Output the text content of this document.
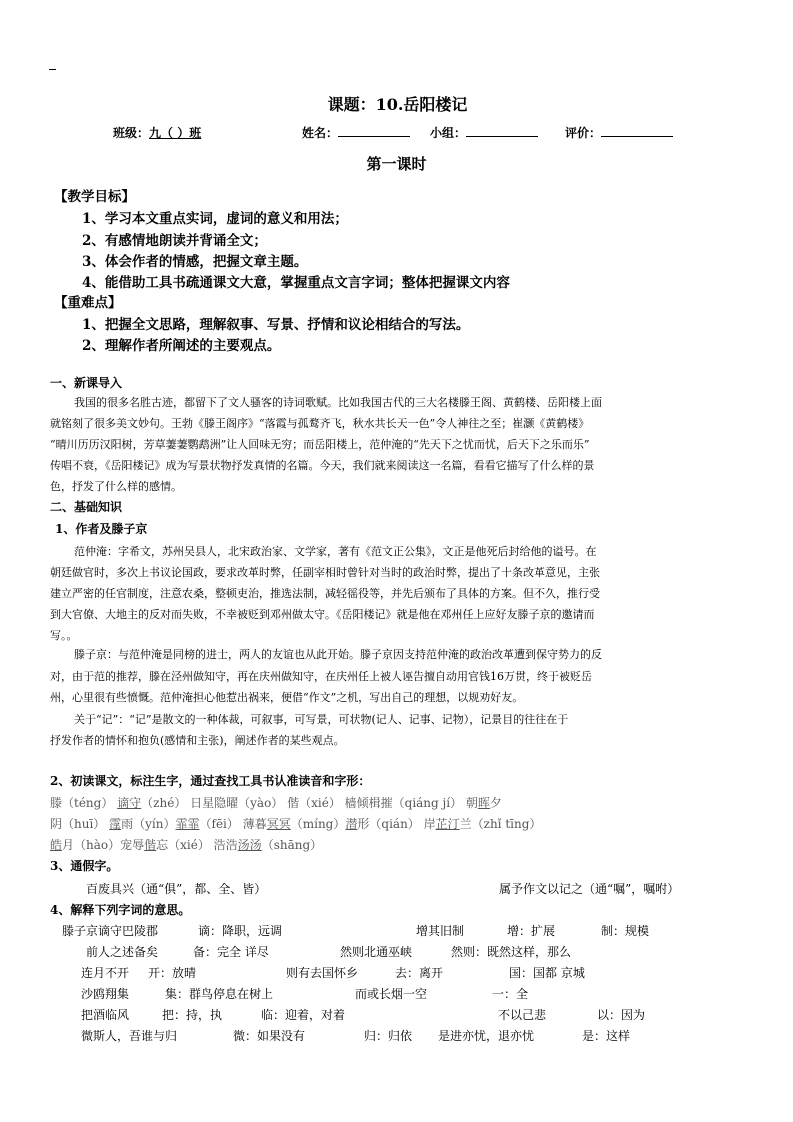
课题：10.岳阳楼记
班级：九（ ）班	姓名：	小组：	评价：
第一课时
【教学目标】
1、学习本文重点实词，虚词的意义和用法；
2、有感情地朗读并背诵全文；
3、体会作者的情感，把握文章主题。
4、能借助工具书疏通课文大意，掌握重点文言字词；整体把握课文内容
【重难点】
1、把握全文思路，理解叙事、写景、抒情和议论相结合的写法。
2、理解作者所阐述的主要观点。
一、新课导入
我国的很多名胜古迹，都留下了文人骚客的诗词歌赋。比如我国古代的三大名楼滕王阁、黄鹤楼、岳阳楼上面
就铭刻了很多美文妙句。王勃《滕王阁序》“落霞与孤鹜齐飞，秋水共长天一色”令人神往之至；崔灏《黄鹤楼》
“晴川历历汉阳树，芳草萋萋鹦鹉洲”让人回味无穷；而岳阳楼上，范仲淹的“先天下之忧而忧，后天下之乐而乐”
传唱不衰，《岳阳楼记》成为写景状物抒发真情的名篇。今天，我们就来阅读这一名篇，看看它描写了什么样的景
色，抒发了什么样的感情。
二、基础知识
1、作者及滕子京
范仲淹：字希文，苏州吴县人，北宋政治家、文学家，著有《范文正公集》，文正是他死后封给他的谥号。在
朝廷做官时，多次上书议论国政，要求改革时弊，任副宰相时曾针对当时的政治时弊，提出了十条改革意见，主张
建立严密的任官制度，注意农桑，整顿吏治，推选法制，减轻徭役等，并先后颁布了具体的方案。但不久，推行受
到大官僚、大地主的反对而失败，不幸被贬到邓州做太守。《岳阳楼记》就是他在邓州任上应好友滕子京的邀请而
写。。
滕子京：与范仲淹是同榜的进士，两人的友谊也从此开始。滕子京因支持范仲淹的政治改革遭到保守势力的反
对，由于范的推荐，滕在泾州做知守，再在庆州做知守，在庆州任上被人诬告擅自动用官钱16万贯，终于被贬岳
州，心里很有些愤慨。范仲淹担心他惹出祸来，便借“作文”之机，写出自己的理想，以规劝好友。
关于“记”：“记”是散文的一种体裁，可叙事，可写景，可状物(记人、记事、记物），记景目的往往在于
抒发作者的情怀和抱负(感情和主张)，阐述作者的某些观点。
2、初读课文，标注生字，通过查找工具书认准读音和字形：
滕（téng） 谪守（zhé） 日星隐曜（yào） 偕（xié） 樯倾楫摧（qiáng jí） 朝晖夕
阴（huī） 霪雨（yín）霏霏（fēi） 薄暮冥冥（míng）潜形（qián） 岸芷汀兰（zhǐ tīng）
皓月（hào）宠辱偕忘（xié） 浩浩汤汤（shāng）
3、通假字。
百废具兴（通“俱”，都、全、皆）	属予作文以记之（通“嘱”，嘱咐）
4、解释下列字词的意思。
滕子京谪守巴陵郡	谪：降职，远调	增其旧制	增：扩展	制：规模
前人之述备矣	备：完全 详尽	然则北通巫峡	然则：既然这样，那么
连月不开 开：放晴	则有去国怀乡	去：离开	国：国都 京城
沙鸥翔集	集：群鸟停息在树上	而或长烟一空	一：全
把酒临风	把：持，执	临：迎着，对着	不以己悲	以：因为
微斯人，吾谁与归	微：如果没有	归：归依 是进亦忧，退亦忧	是：这样
